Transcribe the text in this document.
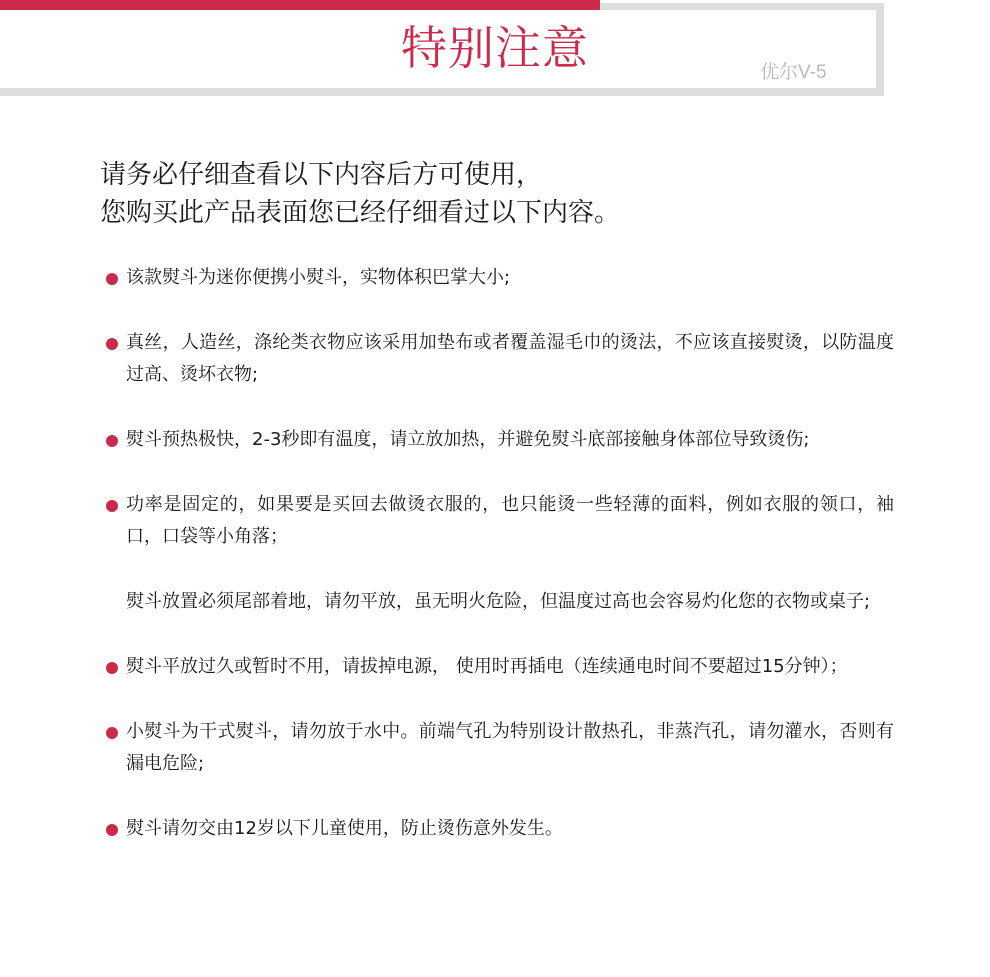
特别注意	优尔V-5
请务必仔细查看以下内容后方可使用，
您购买此产品表面您已经仔细看过以下内容。
该款熨斗为迷你便携小熨斗，实物体积巴掌大小;
真丝，人造丝，涤纶类衣物应该采用加垫布或者覆盖湿毛巾的烫法，不应该直接熨烫，以防温度过高、烫坏衣物;
熨斗预热极快，2-3秒即有温度，请立放加热，并避免熨斗底部接触身体部位导致烫伤;
功率是固定的，如果要是买回去做烫衣服的，也只能烫一些轻薄的面料，例如衣服的领口，袖口，口袋等小角落；
熨斗放置必须尾部着地，请勿平放，虽无明火危险，但温度过高也会容易灼化您的衣物或桌子;
熨斗平放过久或暂时不用，请拔掉电源， 使用时再插电（连续通电时间不要超过15分钟）；
小熨斗为干式熨斗，请勿放于水中。前端气孔为特别设计散热孔，非蒸汽孔，请勿灌水，否则有漏电危险;
熨斗请勿交由12岁以下儿童使用，防止烫伤意外发生。
